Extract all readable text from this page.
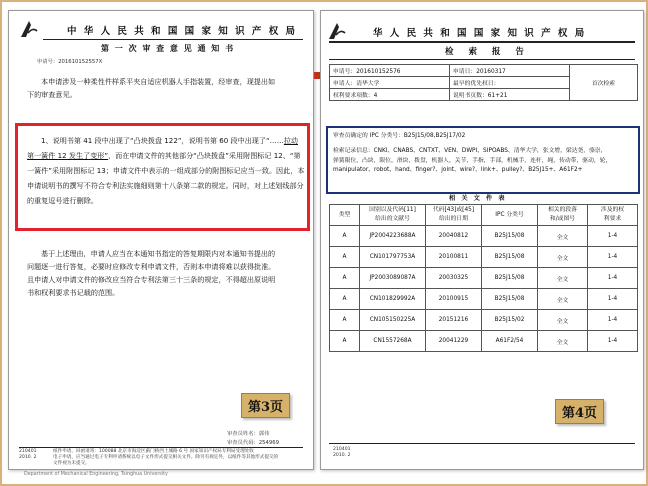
中 华 人 民 共 和 国 国 家 知 识 产 权 局
第 一 次 审 查 意 见 通 知 书
申请号：201610152557X

本申请涉及一种柔性件样系平夹自适应机器人手指装置，经审查，现提出如

下的审查意见。

1、说明书第 41 段中出现了“凸块拨盘 122”，说明书第 60 段中出现了“……拉动第一簧件 12 发生了变形”，而在申请文件的其他部分“凸块拨盘”采用附图标记 12、“第一簧件”采用附图标记 13；申请文件中表示的一组成部分的附图标记应当一致。因此，本申请说明书的撰写不符合专利法实施细则第十八条第二款的规定。同时，对上述划线部分的重复逗号进行删除。

基于上述理由，申请人应当在本通知书指定的答复期限内对本通知书提出的

问题逐一进行答复，必要时应修改专利申请文件，否则本申请将难以获得批准。

且申请人对申请文件的修改应当符合专利法第三十三条的规定，不得超出原说明

书和权利要求书记载的范围。

第3页
审查员姓名：郭伟
审查员代码：254969
210401
2010. 2
纸件申请，回函请寄：100088 北京市海淀区蓟门桥西土城路 6 号 国家知识产权局专利局受理处收
电子申请，应当通过电子专利申请系统以电子文件形式提交相关文件。除另有规定外，以纸件等其他形式提交的
文件视为未提交。
Department of Mechanical Engineering, Tsinghua University
华 人 民 共 和 国 国 家 知 识 产 权 局
检 索 报 告
申请号：201610152576	申请日：20160317	首次检索
申请人：清华大学	最早的优先权日：	
权利要求项数：4	说明书页数：61+21	
审查员确定的 IPC 分类号：B25J15/08,B25J17/02
检索记录信息：CNKI、CNABS、CNTXT、VEN、DWPI、SIPOABS、清华大学，张文增，梁达尧，骆崇，
弹簧限位，凸块，限位，滑块，拨盘，机器人，关节，手指，手部，机械手，连杆，绳，传动带，驱动，轮，
manipulator、robot、hand、finger?、joint、wire?、link+、pulley?、B25J15+、A61F2+
相 关 文 件 表
类型	国别以及代码[11]
给出的文献号	代码[43]或[45]
给出的日期	IPC 分类号	相关的段落
和/或图号	涉及的权
利要求
A	JP2004223688A	20040812	B25J15/08	全文	1-4
A	CN101797753A	20100811	B25J15/08	全文	1-4
A	JP2003089087A	20030325	B25J15/08	全文	1-4
A	CN101829992A	20100915	B25J15/08	全文	1-4
A	CN105150225A	20151216	B25J15/02	全文	1-4
A	CN1557268A	20041229	A61F2/54	全文	1-4
第4页
210401
2010. 2
